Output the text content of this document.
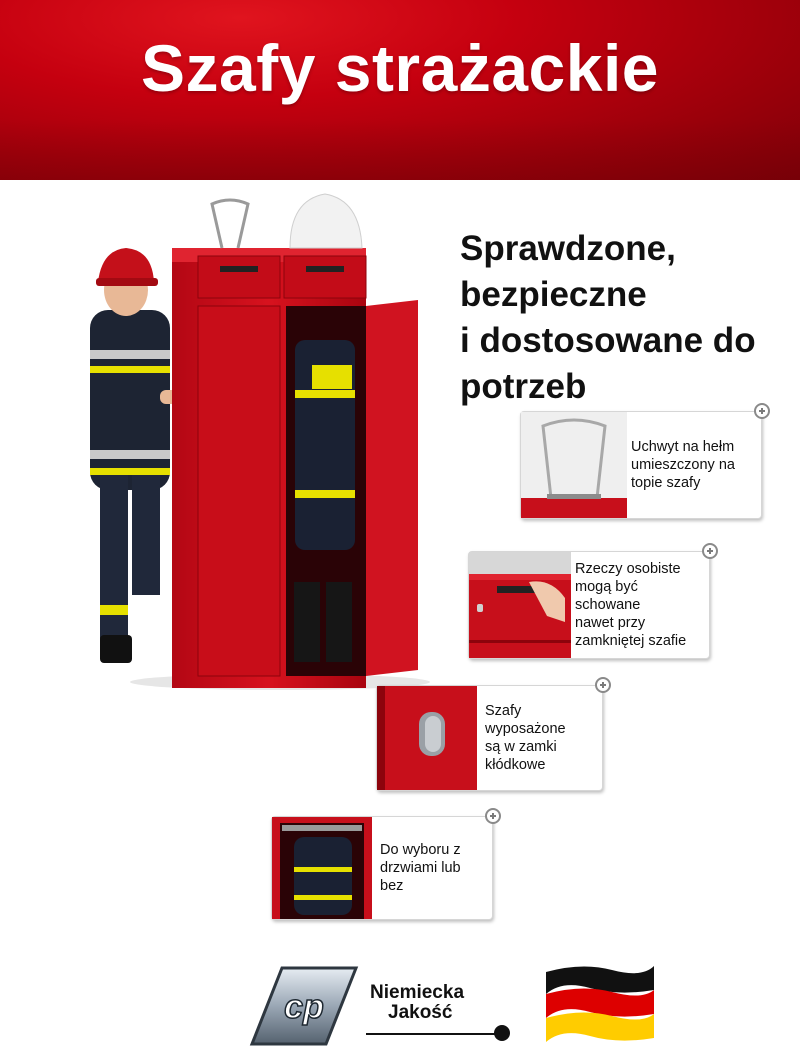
Szafy strażackie
Sprawdzone,
bezpieczne
i dostosowane do
potrzeb
Uchwyt na hełm
umieszczony na
topie szafy
Rzeczy osobiste
mogą być
schowane
nawet przy
zamkniętej szafie
Szafy
wyposażone
są w zamki
kłódkowe
Do wyboru z
drzwiami lub
bez
cp Niemiecka
Jakość
